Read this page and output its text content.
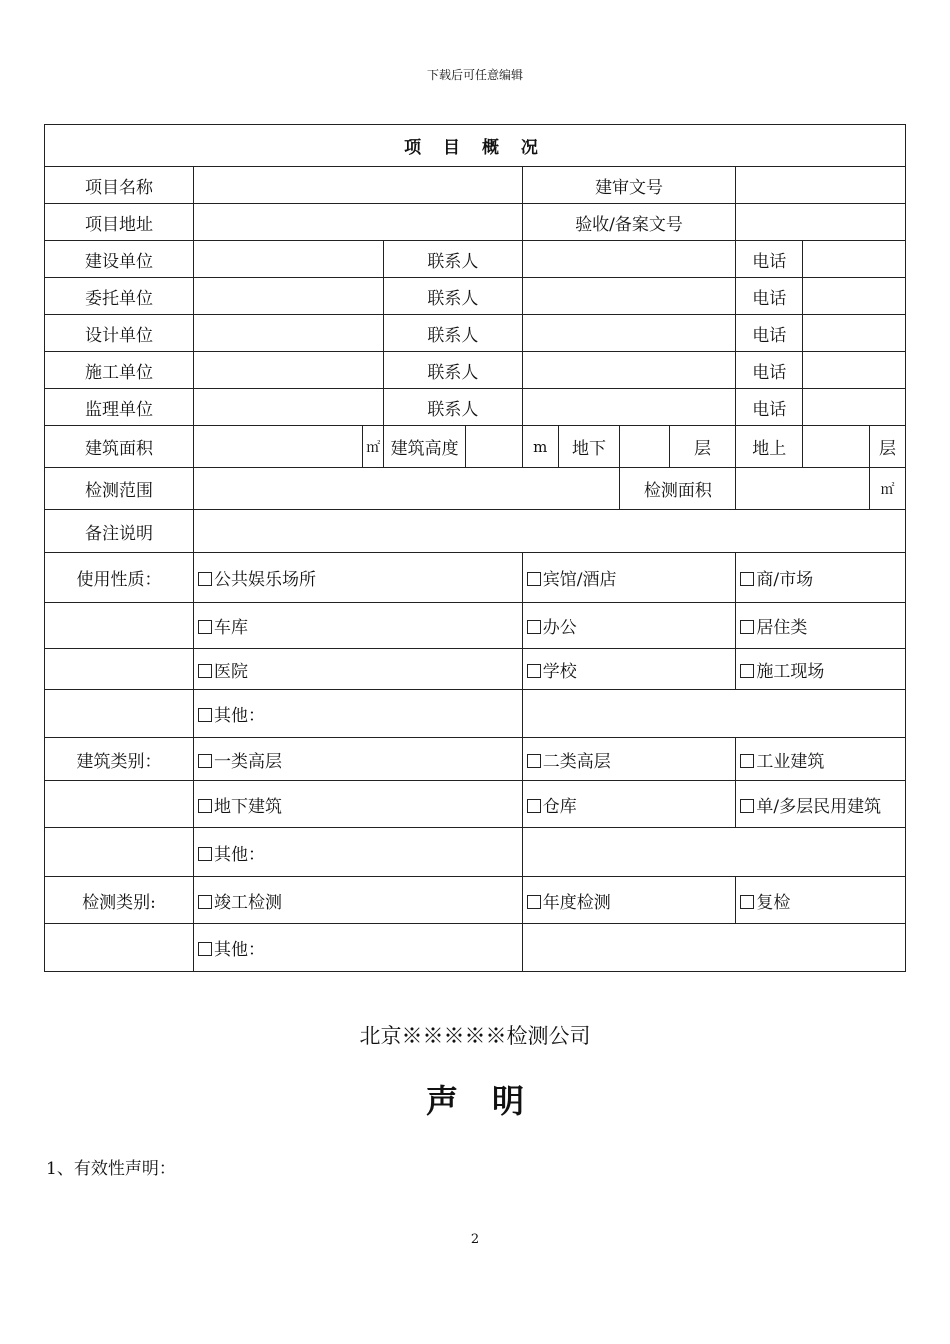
下载后可任意编辑
项 目 概 况											
项目名称					建审文号						
项目地址					验收/备案文号						
建设单位			联系人						电话		
委托单位			联系人						电话		
设计单位			联系人						电话		
施工单位			联系人						电话		
监理单位			联系人						电话		
建筑面积		㎡	建筑高度		m	地下		层	地上		层
检测范围							检测面积				㎡
备注说明											
使用性质：	公共娱乐场所				宾馆/酒店				商/市场		
	车库				办公				居住类		
	医院				学校				施工现场		
	其他：										
建筑类别：	一类高层				二类高层				工业建筑		
	地下建筑				仓库				单/多层民用建筑		
	其他：										
检测类别:	竣工检测				年度检测				复检		
	其他：										
北京※※※※※检测公司
声明
1、有效性声明：
2
